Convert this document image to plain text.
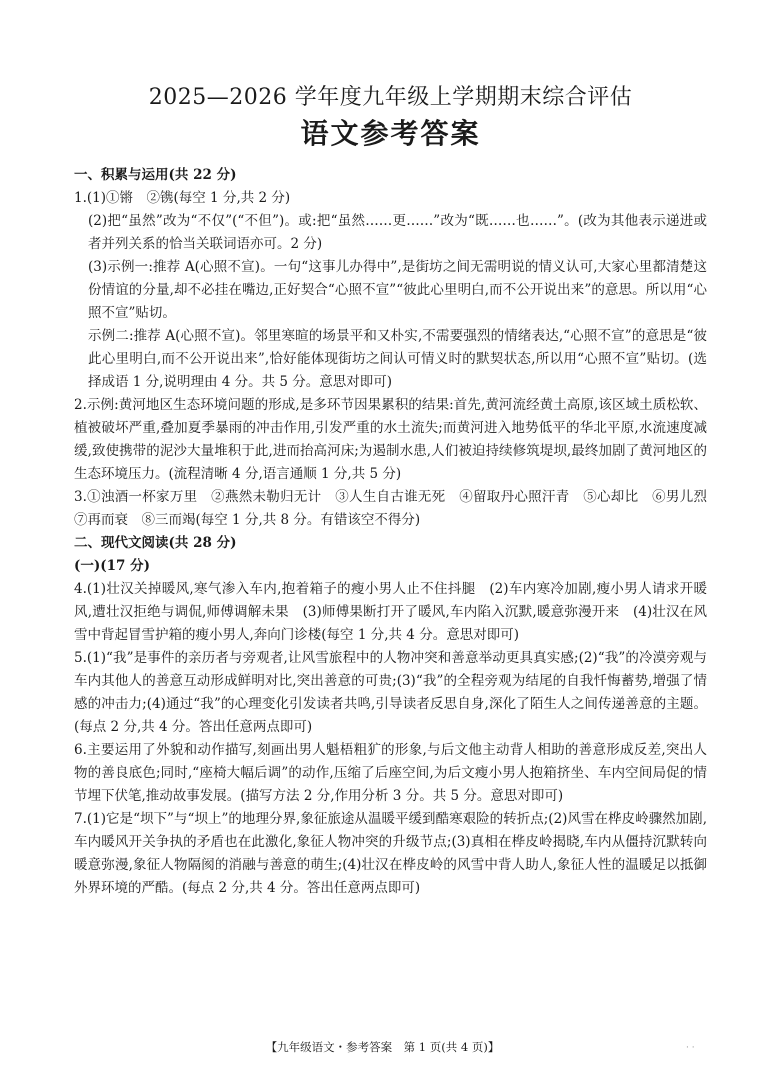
2025—2026 学年度九年级上学期期末综合评估
语文参考答案
一、积累与运用(共 22 分)

1.(1)①锵　②镌(每空 1 分,共 2 分)

(2)把“虽然”改为“不仅”(“不但”)。或:把“虽然……更……”改为“既……也……”。(改为其他表示递进或者并列关系的恰当关联词语亦可。2 分)

(3)示例一:推荐 A(心照不宣)。一句“这事儿办得中”,是街坊之间无需明说的情义认可,大家心里都清楚这份情谊的分量,却不必挂在嘴边,正好契合“心照不宣”“彼此心里明白,而不公开说出来”的意思。所以用“心照不宣”贴切。

示例二:推荐 A(心照不宣)。邻里寒暄的场景平和又朴实,不需要强烈的情绪表达,“心照不宣”的意思是“彼此心里明白,而不公开说出来”,恰好能体现街坊之间认可情义时的默契状态,所以用“心照不宣”贴切。(选择成语 1 分,说明理由 4 分。共 5 分。意思对即可)

2.示例:黄河地区生态环境问题的形成,是多环节因果累积的结果:首先,黄河流经黄土高原,该区域土质松软、植被破坏严重,叠加夏季暴雨的冲击作用,引发严重的水土流失;而黄河进入地势低平的华北平原,水流速度减缓,致使携带的泥沙大量堆积于此,进而抬高河床;为遏制水患,人们被迫持续修筑堤坝,最终加剧了黄河地区的生态环境压力。(流程清晰 4 分,语言通顺 1 分,共 5 分)

3.①浊酒一杯家万里　②燕然未勒归无计　③人生自古谁无死　④留取丹心照汗青　⑤心却比　⑥男儿烈　⑦再而衰　⑧三而竭(每空 1 分,共 8 分。有错该空不得分)

二、现代文阅读(共 28 分)
(一)(17 分)

4.(1)壮汉关掉暖风,寒气渗入车内,抱着箱子的瘦小男人止不住抖腿　(2)车内寒冷加剧,瘦小男人请求开暖风,遭壮汉拒绝与调侃,师傅调解未果　(3)师傅果断打开了暖风,车内陷入沉默,暖意弥漫开来　(4)壮汉在风雪中背起冒雪护箱的瘦小男人,奔向门诊楼(每空 1 分,共 4 分。意思对即可)

5.(1)“我”是事件的亲历者与旁观者,让风雪旅程中的人物冲突和善意举动更具真实感;(2)“我”的冷漠旁观与车内其他人的善意互动形成鲜明对比,突出善意的可贵;(3)“我”的全程旁观为结尾的自我忏悔蓄势,增强了情感的冲击力;(4)通过“我”的心理变化引发读者共鸣,引导读者反思自身,深化了陌生人之间传递善意的主题。(每点 2 分,共 4 分。答出任意两点即可)

6.主要运用了外貌和动作描写,刻画出男人魁梧粗犷的形象,与后文他主动背人相助的善意形成反差,突出人物的善良底色;同时,“座椅大幅后调”的动作,压缩了后座空间,为后文瘦小男人抱箱挤坐、车内空间局促的情节埋下伏笔,推动故事发展。(描写方法 2 分,作用分析 3 分。共 5 分。意思对即可)

7.(1)它是“坝下”与“坝上”的地理分界,象征旅途从温暖平缓到酷寒艰险的转折点;(2)风雪在桦皮岭骤然加剧,车内暖风开关争执的矛盾也在此激化,象征人物冲突的升级节点;(3)真相在桦皮岭揭晓,车内从僵持沉默转向暖意弥漫,象征人物隔阂的消融与善意的萌生;(4)壮汉在桦皮岭的风雪中背人助人,象征人性的温暖足以抵御外界环境的严酷。(每点 2 分,共 4 分。答出任意两点即可)

【九年级语文・参考答案　第 1 页(共 4 页)】	· ·
